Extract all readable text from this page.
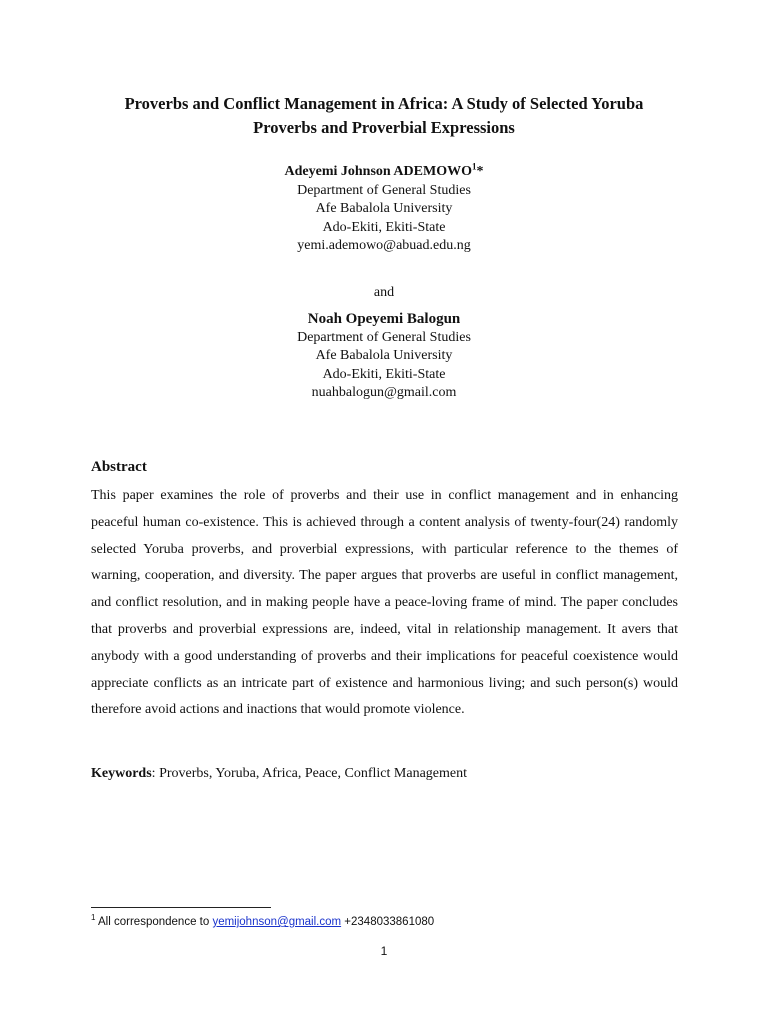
Proverbs and Conflict Management in Africa: A Study of Selected Yoruba
Proverbs and Proverbial Expressions
Adeyemi Johnson ADEMOWO$^1$*
Department of General Studies
Afe Babalola University
Ado-Ekiti, Ekiti-State
yemi.ademowo@abuad.edu.ng
and
Noah Opeyemi Balogun
Department of General Studies
Afe Babalola University
Ado-Ekiti, Ekiti-State
nuahbalogun@gmail.com
Abstract
This paper examines the role of proverbs and their use in conflict management and in enhancing peaceful human co-existence. This is achieved through a content analysis of twenty-four(24) randomly selected Yoruba proverbs, and proverbial expressions, with particular reference to the themes of warning, cooperation, and diversity. The paper argues that proverbs are useful in conflict management, and conflict resolution, and in making people have a peace-loving frame of mind. The paper concludes that proverbs and proverbial expressions are, indeed, vital in relationship management. It avers that anybody with a good understanding of proverbs and their implications for peaceful coexistence would appreciate conflicts as an intricate part of existence and harmonious living; and such person(s) would therefore avoid actions and inactions that would promote violence.
Keywords: Proverbs, Yoruba, Africa, Peace, Conflict Management
$^1$ All correspondence to yemijohnson@gmail.com +2348033861080
1
